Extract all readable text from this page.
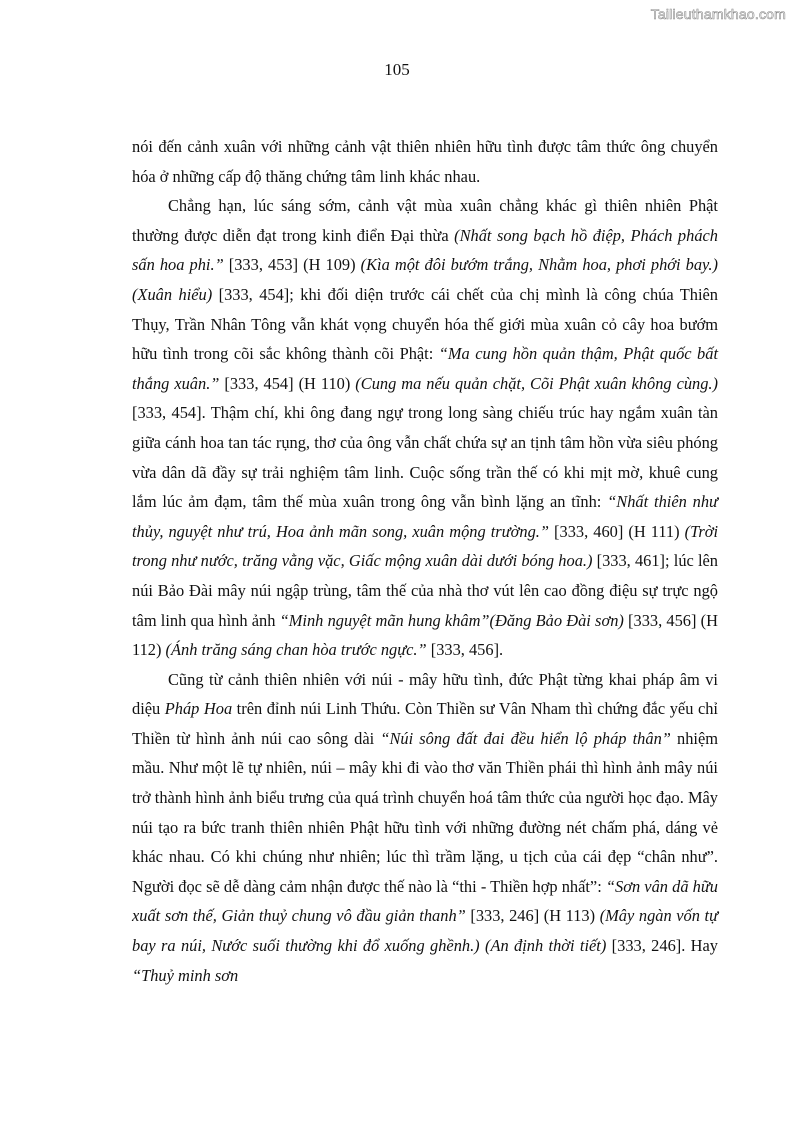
Tailieuthamkhao.com
105

nói đến cảnh xuân với những cảnh vật thiên nhiên hữu tình được tâm thức ông chuyển hóa ở những cấp độ thăng chứng tâm linh khác nhau.

Chẳng hạn, lúc sáng sớm, cảnh vật mùa xuân chẳng khác gì thiên nhiên Phật thường được diễn đạt trong kinh điển Đại thừa (Nhất song bạch hồ điệp, Phách phách sấn hoa phi.” [333, 453] (H 109) (Kìa một đôi bướm trắng, Nhằm hoa, phơi phới bay.) (Xuân hiểu) [333, 454]; khi đối diện trước cái chết của chị mình là công chúa Thiên Thụy, Trần Nhân Tông vẫn khát vọng chuyển hóa thế giới mùa xuân cỏ cây hoa bướm hữu tình trong cõi sắc không thành cõi Phật: “Ma cung hồn quản thậm, Phật quốc bất thắng xuân.” [333, 454] (H 110) (Cung ma nếu quản chặt, Cõi Phật xuân không cùng.) [333, 454]. Thậm chí, khi ông đang ngự trong long sàng chiếu trúc hay ngắm xuân tàn giữa cánh hoa tan tác rụng, thơ của ông vẫn chất chứa sự an tịnh tâm hồn vừa siêu phóng vừa dân dã đầy sự trải nghiệm tâm linh. Cuộc sống trần thế có khi mịt mờ, khuê cung lắm lúc ảm đạm, tâm thế mùa xuân trong ông vẫn bình lặng an tĩnh: “Nhất thiên như thủy, nguyệt như trú, Hoa ảnh mãn song, xuân mộng trường.” [333, 460] (H 111) (Trời trong như nước, trăng vằng vặc, Giấc mộng xuân dài dưới bóng hoa.) [333, 461]; lúc lên núi Bảo Đài mây núi ngập trùng, tâm thế của nhà thơ vút lên cao đồng điệu sự trực ngộ tâm linh qua hình ảnh “Minh nguyệt mãn hung khâm”(Đăng Bảo Đài sơn) [333, 456] (H 112) (Ánh trăng sáng chan hòa trước ngực.” [333, 456].

Cũng từ cảnh thiên nhiên với núi - mây hữu tình, đức Phật từng khai pháp âm vi diệu Pháp Hoa trên đỉnh núi Linh Thứu. Còn Thiền sư Vân Nham thì chứng đắc yếu chỉ Thiền từ hình ảnh núi cao sông dài “Núi sông đất đai đều hiển lộ pháp thân” nhiệm mầu. Như một lẽ tự nhiên, núi – mây khi đi vào thơ văn Thiền phái thì hình ảnh mây núi trở thành hình ảnh biểu trưng của quá trình chuyển hoá tâm thức của người học đạo. Mây núi tạo ra bức tranh thiên nhiên Phật hữu tình với những đường nét chấm phá, dáng vẻ khác nhau. Có khi chúng như nhiên; lúc thì trầm lặng, u tịch của cái đẹp “chân như”. Người đọc sẽ dễ dàng cảm nhận được thế nào là “thi - Thiền hợp nhất”: “Sơn vân dã hữu xuất sơn thế, Giản thuỷ chung vô đầu giản thanh” [333, 246] (H 113) (Mây ngàn vốn tự bay ra núi, Nước suối thường khi đổ xuống ghềnh.) (An định thời tiết) [333, 246]. Hay “Thuỷ minh sơn
